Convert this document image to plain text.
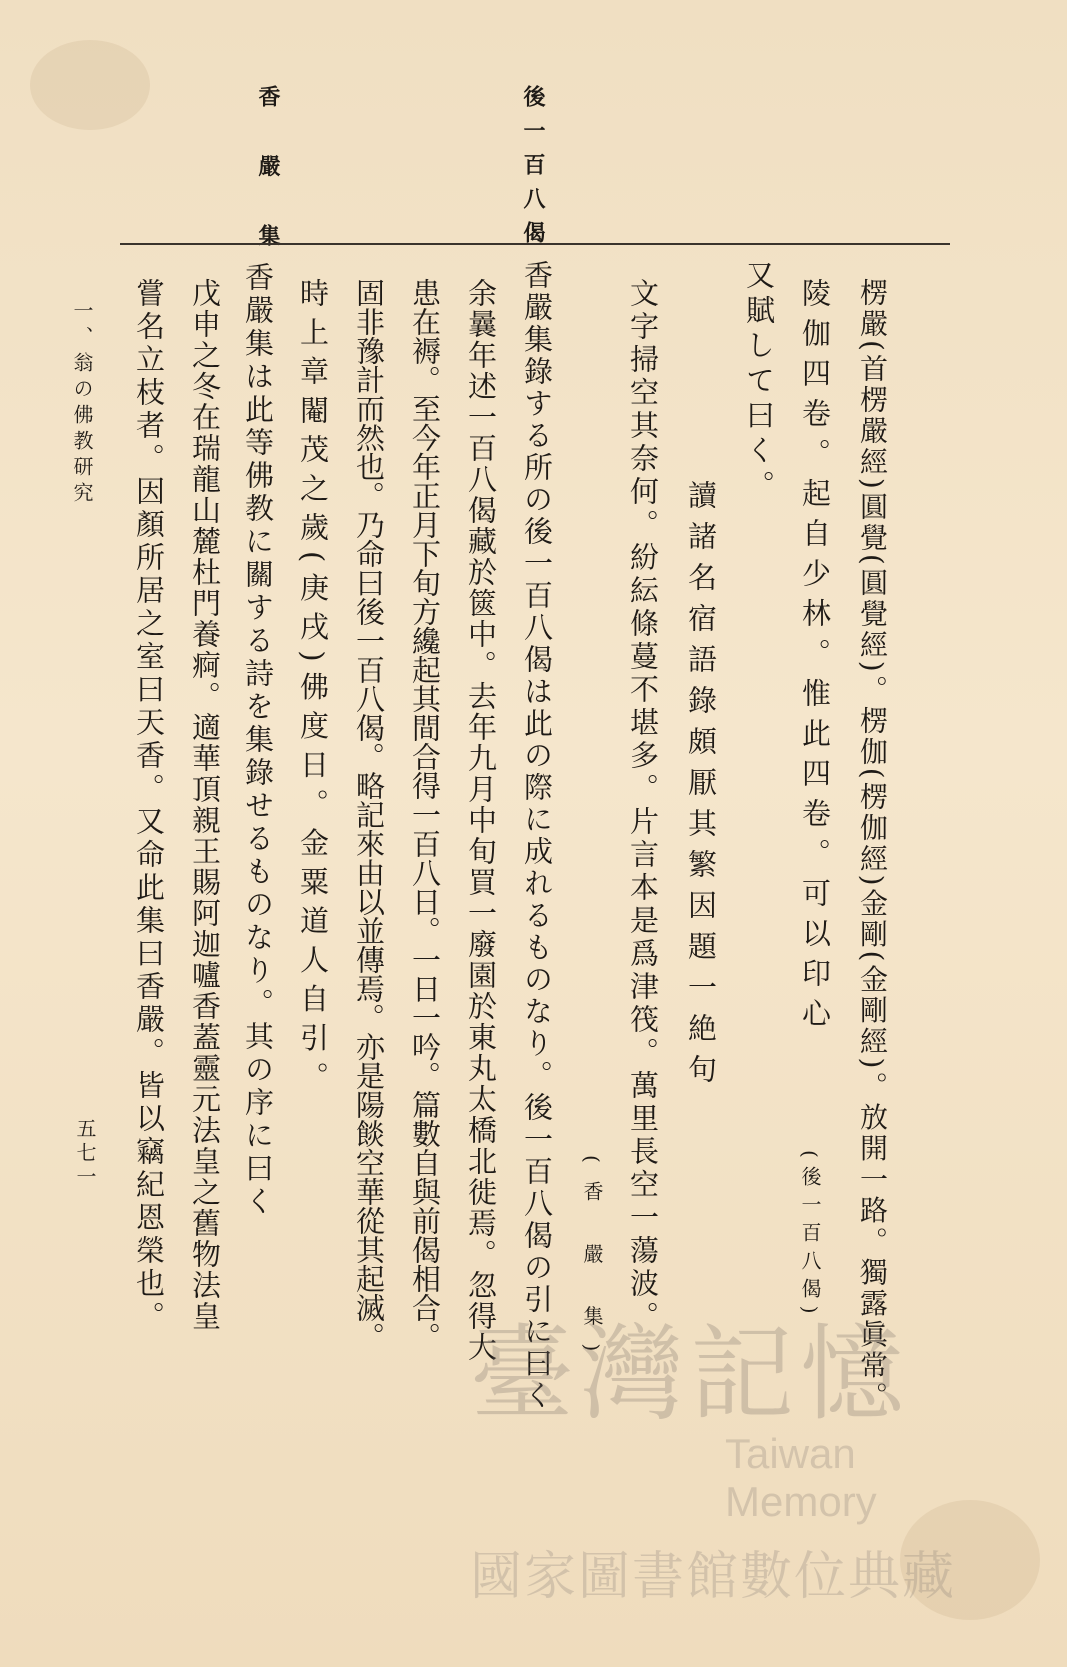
香 嚴 集	後一百八偈
楞嚴(首楞嚴經)圓覺(圓覺經)。楞伽(楞伽經)金剛(金剛經)。放開一路。獨露眞常。
陵伽四卷。起自少林。惟此四卷。可以印心
又賦して曰く。
讀諸名宿語錄頗厭其繁因題一絶句
文字掃空其奈何。紛紜條蔓不堪多。片言本是爲津筏。萬里長空一蕩波。
香嚴集錄する所の後一百八偈は此の際に成れるものなり。後一百八偈の引に曰く
余曩年述一百八偈藏於篋中。去年九月中旬買一廢園於東丸太橋北徙焉。忽得大
患在褥。至今年正月下旬方纔起其間合得一百八日。一日一吟。篇數自與前偈相合。
固非豫計而然也。乃命曰後一百八偈。略記來由以並傳焉。亦是陽餤空華從其起滅。
時上章閹茂之歲(庚戌)佛度日。金粟道人自引。
香嚴集は此等佛教に關する詩を集錄せるものなり。其の序に曰く
戊申之冬在瑞龍山麓杜門養痾。適華頂親王賜阿迦嚧香蓋靈元法皇之舊物法皇
嘗名立枝者。因顏所居之室曰天香。又命此集曰香嚴。皆以竊紀恩榮也。	(後一百八偈)
(香 嚴 集)
一、翁の佛教研究
五七一
臺灣記憶
Taiwan Memory
國家圖書館數位典藏
